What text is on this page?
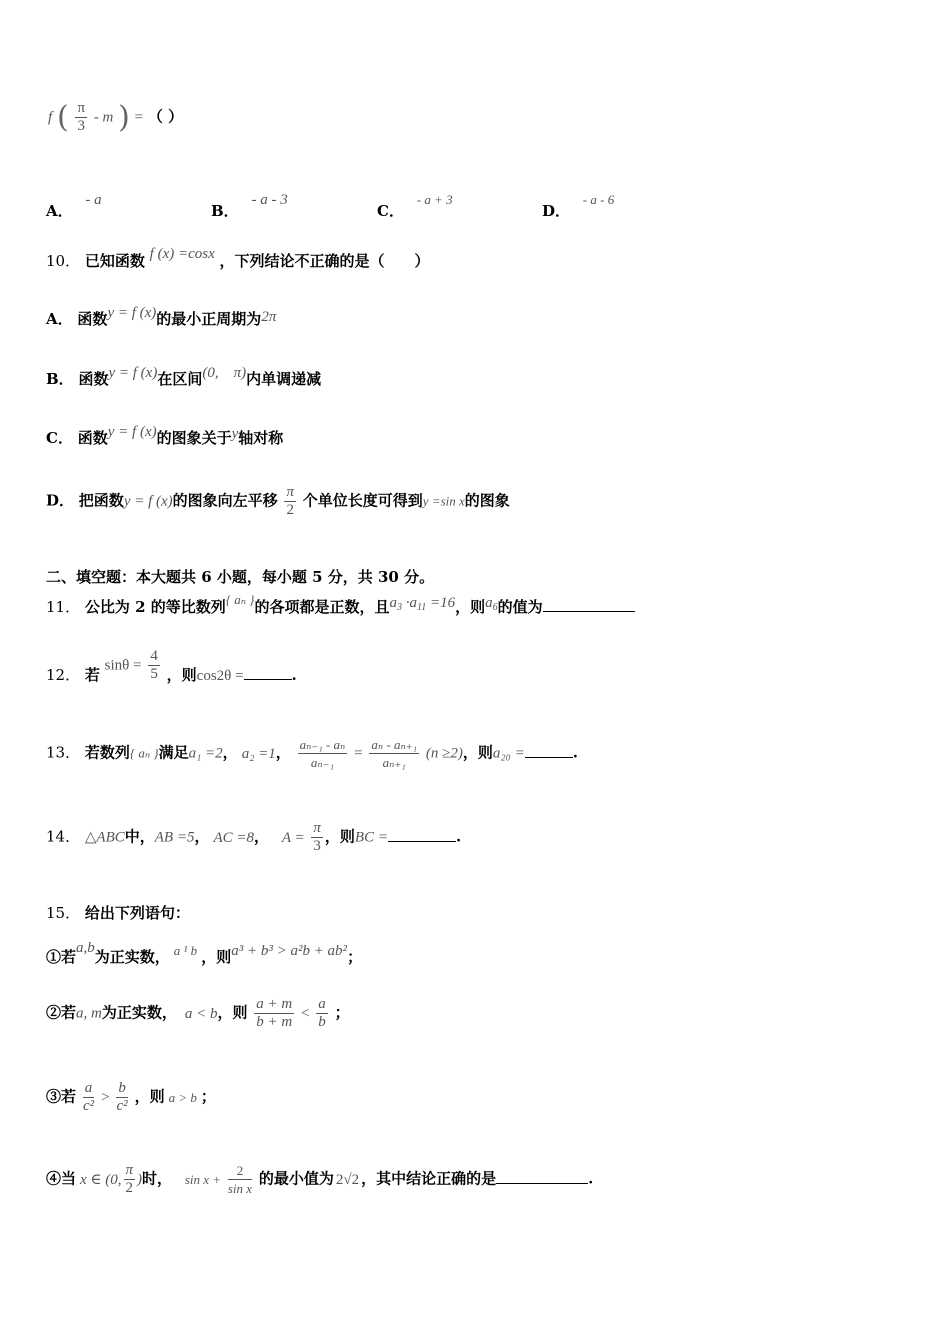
f ( $\frac{\pi}{3}$ - m ) = （ ）
A． - a
B． - a - 3
C． - a + 3
D． - a - 6
10． 已知函数 f (x) =cosx ，下列结论不正确的是（　　）
A． 函数y = f (x)的最小正周期为2π
B． 函数y = f (x)在区间(0,　π)内单调递减
C． 函数y = f (x)的图象关于y轴对称
D． 把函数y = f (x)的图象向左平移 $\frac{\pi}{2}$ 个单位长度可得到y =sin x的图象
二、填空题：本大题共 6 小题，每小题 5 分，共 30 分。
11． 公比为 2 的等比数列{ aₙ }的各项都是正数，且$a_3 \cdot a_{11} =16$，则$a_6$的值为
12． 若 $\sin\theta = \frac{4}{5}$ ，则cos2θ =	.
13． 若数列{ aₙ }满足a₁ =2， a₂ =1， $\frac{\text{aₙ₋₁ - aₙ}}{\text{aₙ₋₁}} = \frac{\text{aₙ - aₙ₊₁}}{\text{aₙ₊₁}} (n \ge 2)$，则a₂₀ =	.
14． △ABC中，AB =5， AC =8， $A = \frac{\pi}{3}$ ，则BC =	.
15． 给出下列语句：
①若a,b为正实数， a ¹ b ，则a³ + b³ > a²b + ab²；
②若a, m为正实数， a < b，则 $\frac{a + m}{b + m} < \frac{a}{b}$ ；
③若 $\frac{a}{\text{c²}} > \frac{b}{\text{c²}}$ ，则 a > b ；
④当 x ∈ (0, $\frac{\pi}{2}$ )时， $\sin x + \frac{2}{\text{sin x}}$ 的最小值为 2√2 ，其中结论正确的是	.
